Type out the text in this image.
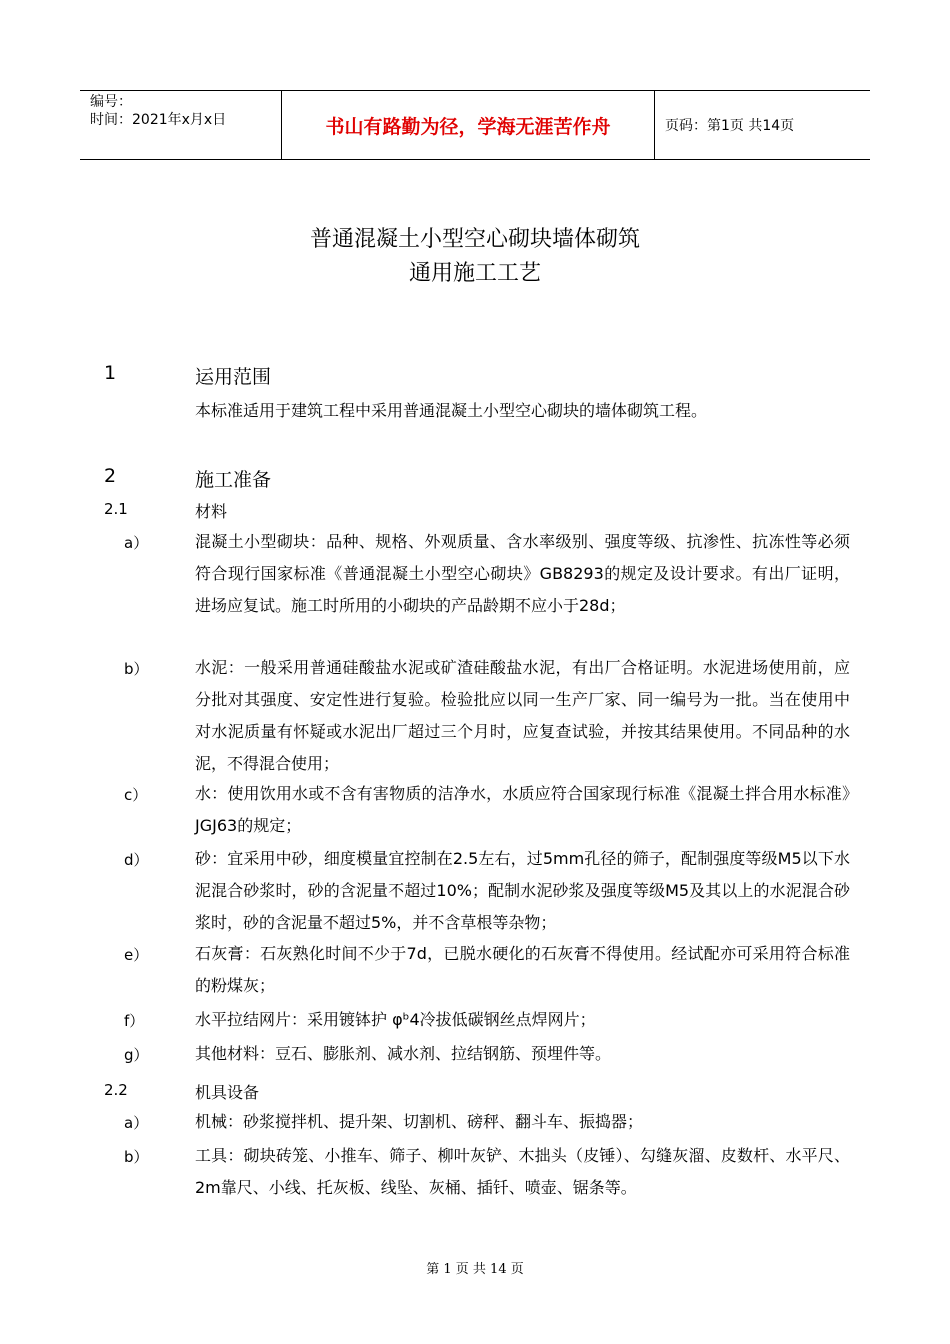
编号：
时间：2021年x月x日	书山有路勤为径，学海无涯苦作舟	页码：第1页 共14页
普通混凝土小型空心砌块墙体砌筑
通用施工工艺
1	运用范围
本标准适用于建筑工程中采用普通混凝土小型空心砌块的墙体砌筑工程。
2	施工准备
2.1	材料
a）	混凝土小型砌块：品种、规格、外观质量、含水率级别、强度等级、抗渗性、抗冻性等必须符合现行国家标准《普通混凝土小型空心砌块》GB8293的规定及设计要求。有出厂证明，进场应复试。施工时所用的小砌块的产品龄期不应小于28d；
b）	水泥：一般采用普通硅酸盐水泥或矿渣硅酸盐水泥，有出厂合格证明。水泥进场使用前，应分批对其强度、安定性进行复验。检验批应以同一生产厂家、同一编号为一批。当在使用中对水泥质量有怀疑或水泥出厂超过三个月时，应复查试验，并按其结果使用。不同品种的水泥，不得混合使用；
c）	水：使用饮用水或不含有害物质的洁净水，水质应符合国家现行标准《混凝土拌合用水标准》JGJ63的规定；
d）	砂：宜采用中砂，细度模量宜控制在2.5左右，过5mm孔径的筛子，配制强度等级M5以下水泥混合砂浆时，砂的含泥量不超过10%；配制水泥砂浆及强度等级M5及其以上的水泥混合砂浆时，砂的含泥量不超过5%，并不含草根等杂物；
e）	石灰膏：石灰熟化时间不少于7d，已脱水硬化的石灰膏不得使用。经试配亦可采用符合标准的粉煤灰；
f）	水平拉结网片：采用镀钵护 φᵇ4冷拔低碳钢丝点焊网片；
g）	其他材料：豆石、膨胀剂、减水剂、拉结钢筋、预埋件等。
2.2	机具设备
a）	机械：砂浆搅拌机、提升架、切割机、磅秤、翻斗车、振捣器；
b）	工具：砌块砖笼、小推车、筛子、柳叶灰铲、木拙头（皮锤）、勾缝灰溜、皮数杆、水平尺、2m靠尺、小线、托灰板、线坠、灰桶、插钎、喷壶、锯条等。
第 1 页 共 14 页
